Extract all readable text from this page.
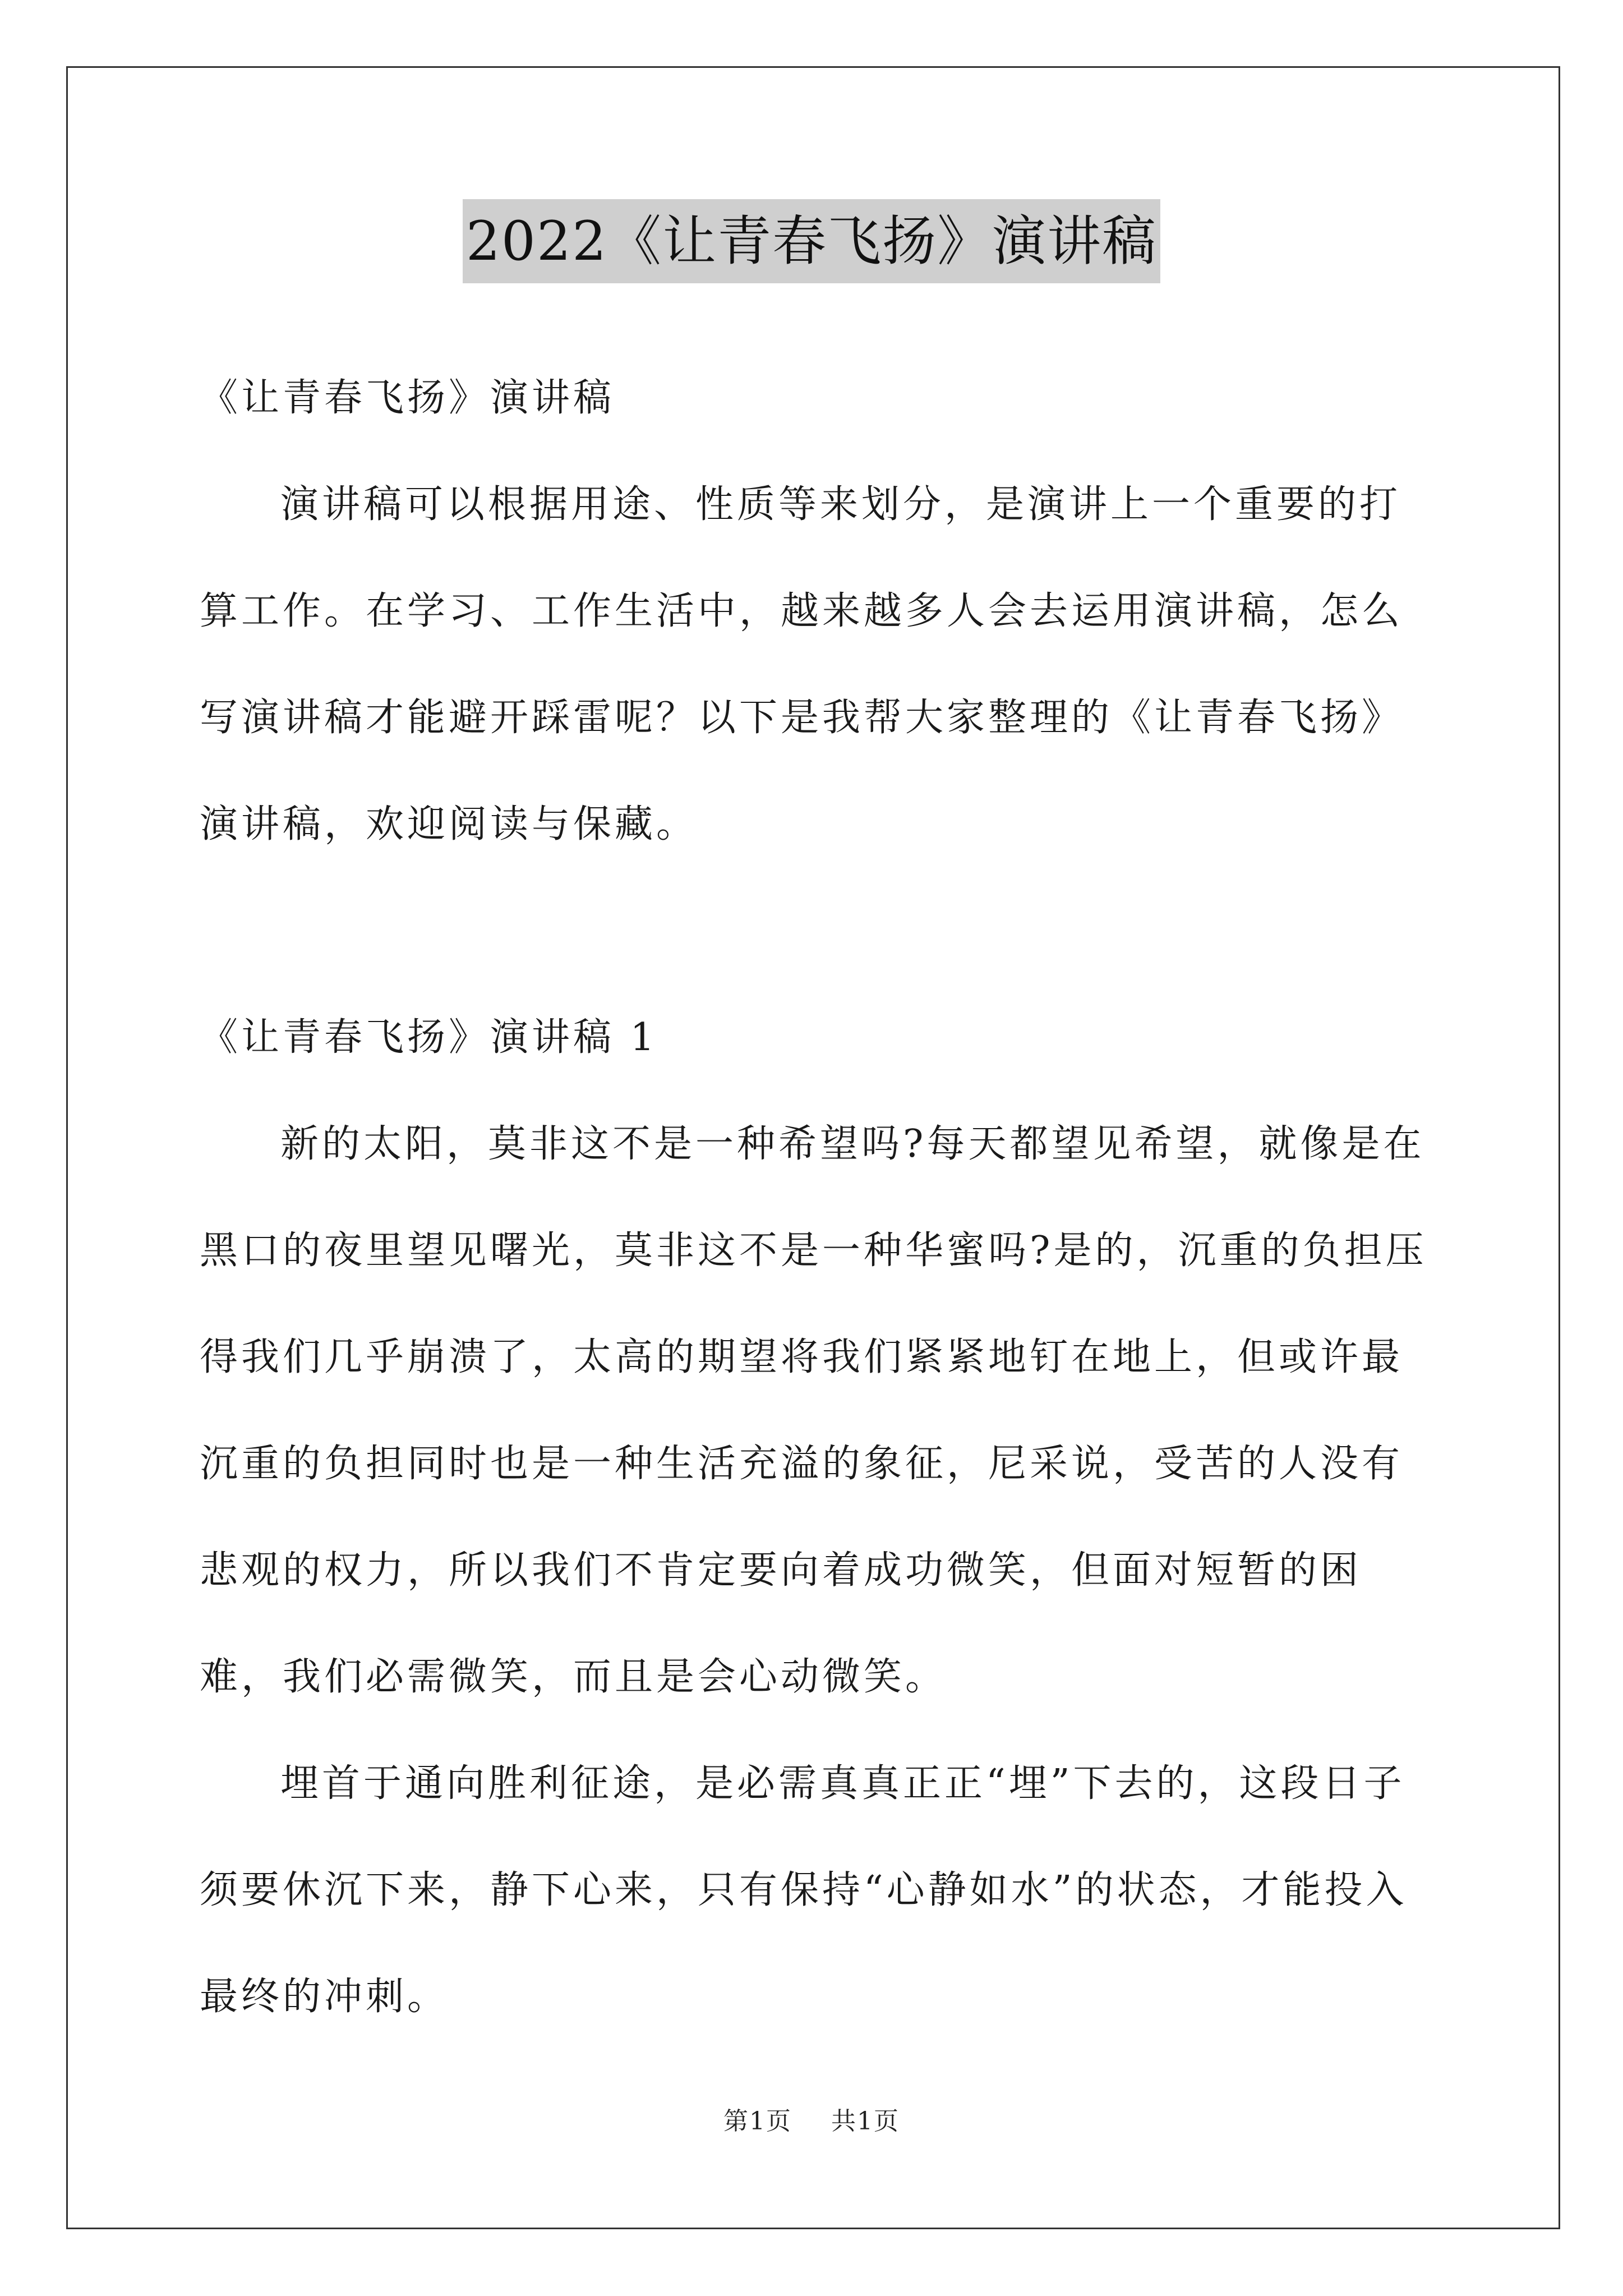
2022《让青春飞扬》演讲稿

《让青春飞扬》演讲稿

演讲稿可以根据用途、性质等来划分，是演讲上一个重要的打算工作。在学习、工作生活中，越来越多人会去运用演讲稿，怎么写演讲稿才能避开踩雷呢？以下是我帮大家整理的《让青春飞扬》演讲稿，欢迎阅读与保藏。

《让青春飞扬》演讲稿 1

新的太阳，莫非这不是一种希望吗?每天都望见希望，就像是在黑口的夜里望见曙光，莫非这不是一种华蜜吗?是的，沉重的负担压得我们几乎崩溃了，太高的期望将我们紧紧地钉在地上，但或许最沉重的负担同时也是一种生活充溢的象征，尼采说，受苦的人没有悲观的权力，所以我们不肯定要向着成功微笑，但面对短暂的困难，我们必需微笑，而且是会心动微笑。

埋首于通向胜利征途，是必需真真正正“埋”下去的，这段日子须要休沉下来，静下心来，只有保持“心静如水”的状态，才能投入最终的冲刺。

第1页 共1页
